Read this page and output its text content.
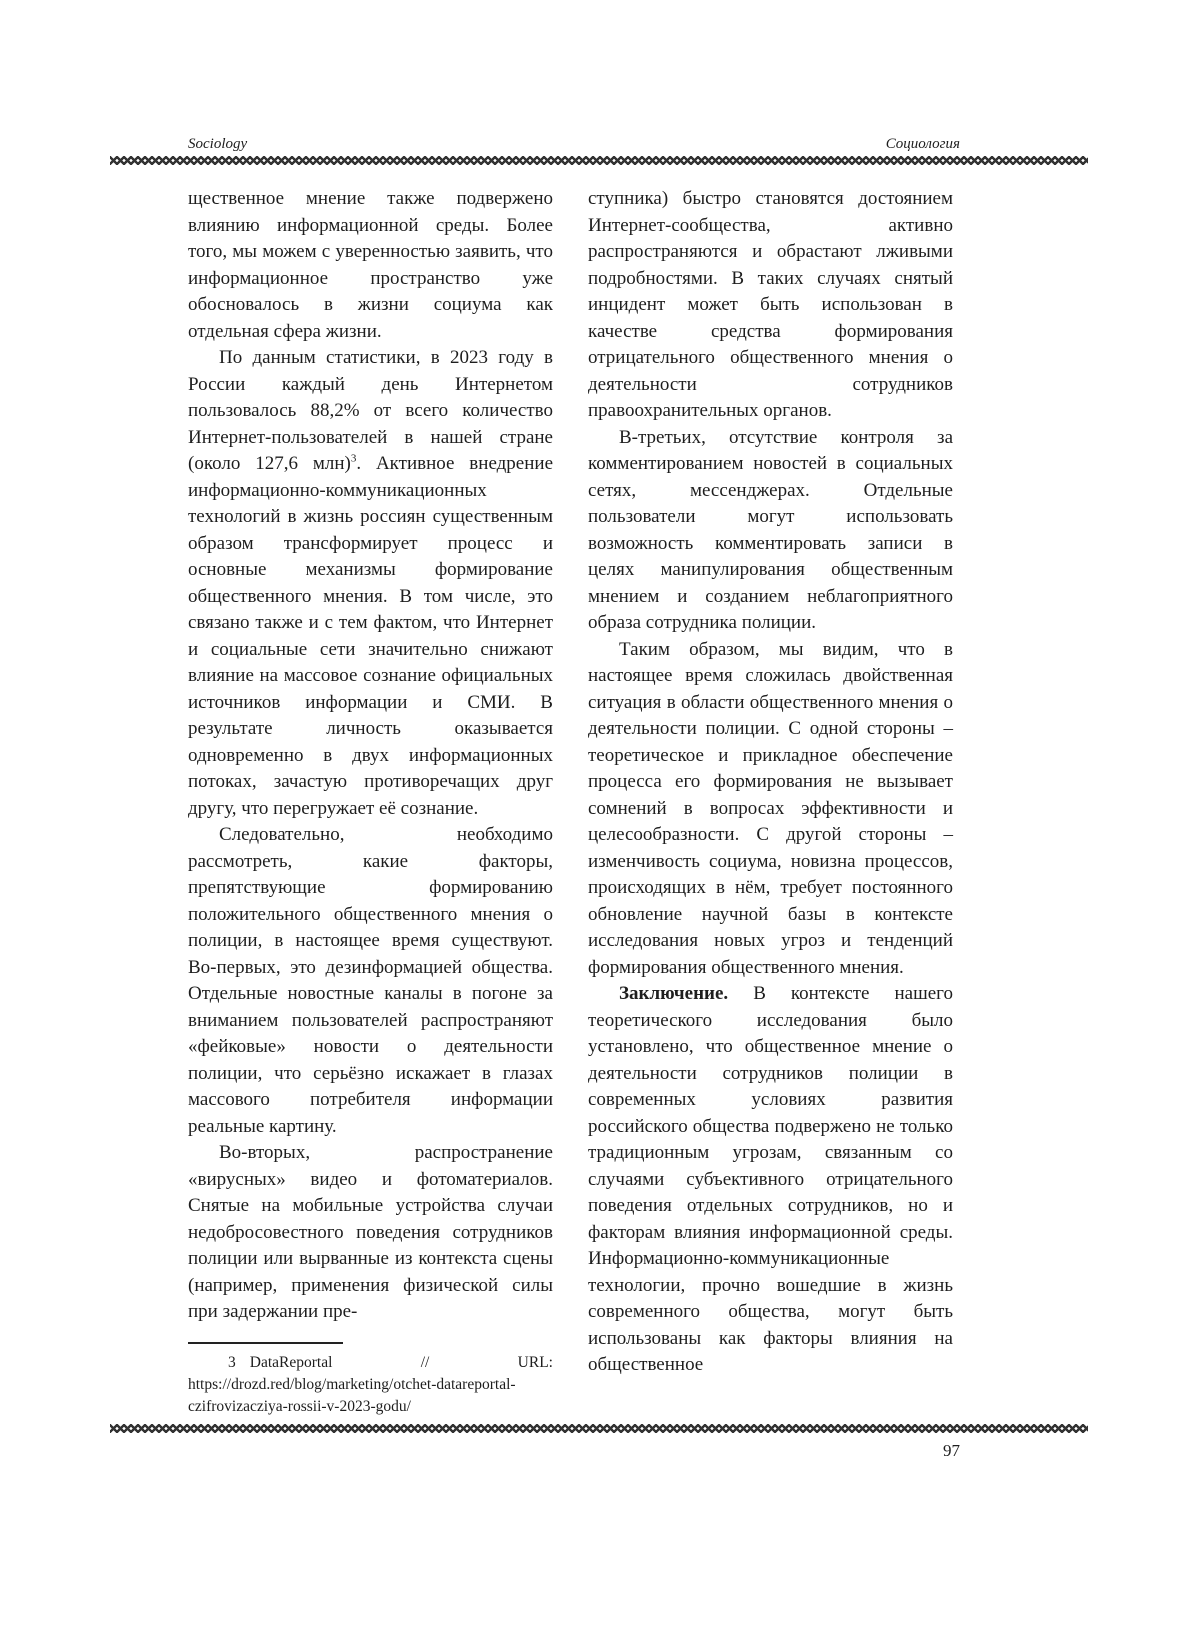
Sociology	Социология

щественное мнение также подвержено влиянию информационной среды. Более того, мы можем с уверенностью заявить, что информационное пространство уже обосновалось в жизни социума как отдельная сфера жизни.

По данным статистики, в 2023 году в России каждый день Интернетом пользовалось 88,2% от всего количество Интернет-пользователей в нашей стране (около 127,6 млн)3. Активное внедрение информационно-коммуникационных технологий в жизнь россиян существенным образом трансформирует процесс и основные механизмы формирование общественного мнения. В том числе, это связано также и с тем фактом, что Интернет и социальные сети значительно снижают влияние на массовое сознание официальных источников информации и СМИ. В результате личность оказывается одновременно в двух информационных потоках, зачастую противоречащих друг другу, что перегружает её сознание.

Следовательно, необходимо рассмотреть, какие факторы, препятствующие формированию положительного общественного мнения о полиции, в настоящее время существуют. Во-первых, это дезинформацией общества. Отдельные новостные каналы в погоне за вниманием пользователей распространяют «фейковые» новости о деятельности полиции, что серьёзно искажает в глазах массового потребителя информации реальные картину.

Во-вторых, распространение «вирусных» видео и фотоматериалов. Снятые на мобильные устройства случаи недобросовестного поведения сотрудников полиции или вырванные из контекста сцены (например, применения физической силы при задержании пре-

3 DataReportal // URL: https://drozd.red/blog/marketing/otchet-datareportal-czifrovizacziya-rossii-v-2023-godu/

ступника) быстро становятся достоянием Интернет-сообщества, активно распространяются и обрастают лживыми подробностями. В таких случаях снятый инцидент может быть использован в качестве средства формирования отрицательного общественного мнения о деятельности сотрудников правоохранительных органов.

В-третьих, отсутствие контроля за комментированием новостей в социальных сетях, мессенджерах. Отдельные пользователи могут использовать возможность комментировать записи в целях манипулирования общественным мнением и созданием неблагоприятного образа сотрудника полиции.

Таким образом, мы видим, что в настоящее время сложилась двойственная ситуация в области общественного мнения о деятельности полиции. С одной стороны – теоретическое и прикладное обеспечение процесса его формирования не вызывает сомнений в вопросах эффективности и целесообразности. С другой стороны – изменчивость социума, новизна процессов, происходящих в нём, требует постоянного обновление научной базы в контексте исследования новых угроз и тенденций формирования общественного мнения.

Заключение. В контексте нашего теоретического исследования было установлено, что общественное мнение о деятельности сотрудников полиции в современных условиях развития российского общества подвержено не только традиционным угрозам, связанным со случаями субъективного отрицательного поведения отдельных сотрудников, но и факторам влияния информационной среды. Информационно-коммуникационные технологии, прочно вошедшие в жизнь современного общества, могут быть использованы как факторы влияния на общественное

97
